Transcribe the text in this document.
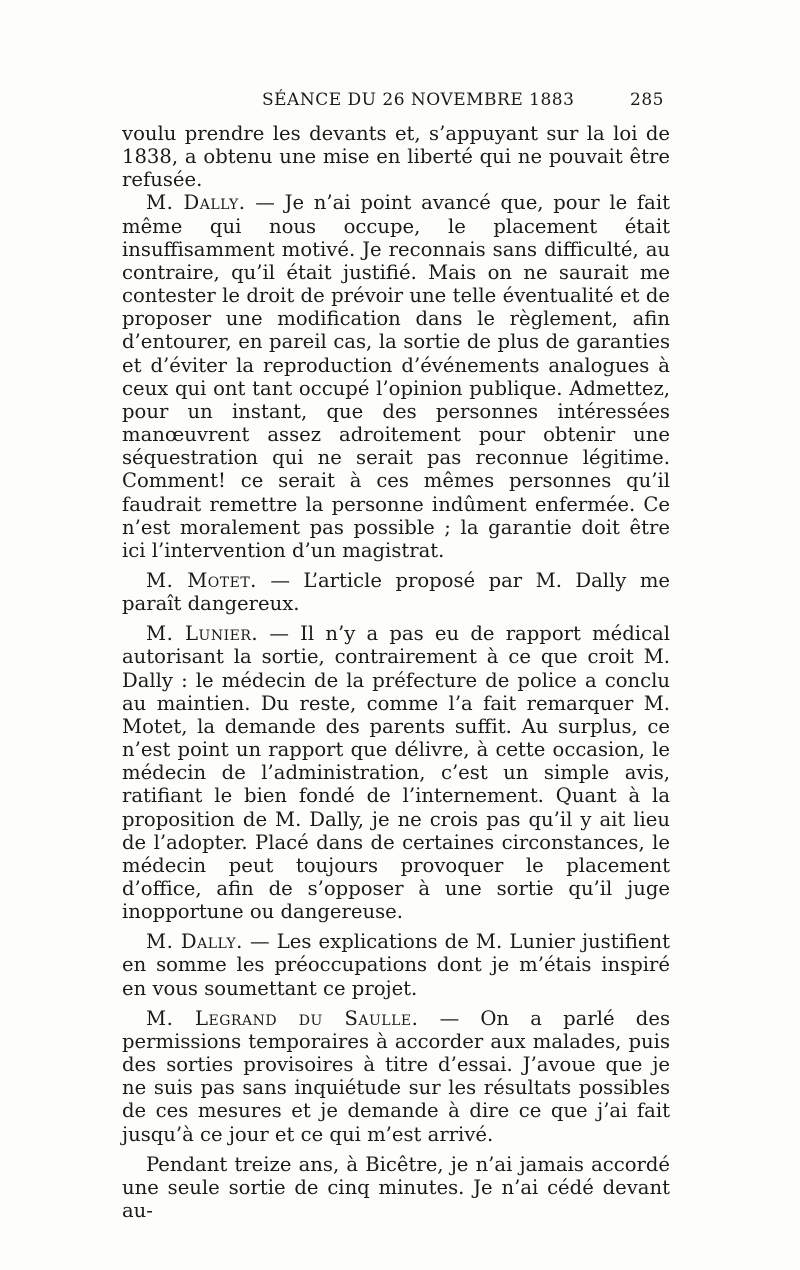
SÉANCE DU 26 NOVEMBRE 1883	285

voulu prendre les devants et, s’appuyant sur la loi de 1838, a obtenu une mise en liberté qui ne pouvait être refusée.

M. Dally. — Je n’ai point avancé que, pour le fait même qui nous occupe, le placement était insuffisamment motivé. Je reconnais sans difficulté, au contraire, qu’il était justifié. Mais on ne saurait me contester le droit de prévoir une telle éventualité et de proposer une modification dans le règlement, afin d’entourer, en pareil cas, la sortie de plus de garanties et d’éviter la reproduction d’événements analogues à ceux qui ont tant occupé l’opinion publique. Admettez, pour un instant, que des personnes intéressées manœuvrent assez adroitement pour obtenir une séquestration qui ne serait pas reconnue légitime. Comment! ce serait à ces mêmes personnes qu’il faudrait remettre la personne indûment enfermée. Ce n’est moralement pas possible ; la garantie doit être ici l’intervention d’un magistrat.

M. Motet. — L’article proposé par M. Dally me paraît dangereux.

M. Lunier. — Il n’y a pas eu de rapport médical autorisant la sortie, contrairement à ce que croit M. Dally : le médecin de la préfecture de police a conclu au maintien. Du reste, comme l’a fait remarquer M. Motet, la demande des parents suffit. Au surplus, ce n’est point un rapport que délivre, à cette occasion, le médecin de l’administration, c’est un simple avis, ratifiant le bien fondé de l’internement. Quant à la proposition de M. Dally, je ne crois pas qu’il y ait lieu de l’adopter. Placé dans de certaines circonstances, le médecin peut toujours provoquer le placement d’office, afin de s’opposer à une sortie qu’il juge inopportune ou dangereuse.

M. Dally. — Les explications de M. Lunier justifient en somme les préoccupations dont je m’étais inspiré en vous soumettant ce projet.

M. Legrand du Saulle. — On a parlé des permissions temporaires à accorder aux malades, puis des sorties provisoires à titre d’essai. J’avoue que je ne suis pas sans inquiétude sur les résultats possibles de ces mesures et je demande à dire ce que j’ai fait jusqu’à ce jour et ce qui m’est arrivé.

Pendant treize ans, à Bicêtre, je n’ai jamais accordé une seule sortie de cinq minutes. Je n’ai cédé devant au-
